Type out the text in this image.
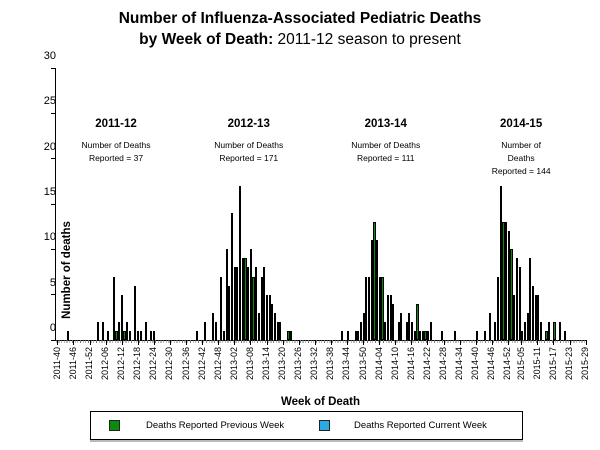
Number of Influenza-Associated Pediatric Deaths
by Week of Death: 2011-12 season to present
Number of deaths
0
5
10
15
20
25
30
2011-12
Number of Deaths
Reported = 37
2012-13
Number of Deaths
Reported = 171
2013-14
Number of Deaths
Reported = 111
2014-15
Number of Deaths
Reported = 144
2011-40 2011-46 2011-52 2012-06 2012-12 2012-18 2012-24 2012-30 2012-36 2012-42 2012-48 2013-02 2013-08 2013-14 2013-20 2013-26 2013-32 2013-38 2013-44 2013-50 2014-04 2014-10 2014-16 2014-22 2014-28 2014-34 2014-40 2014-46 2014-52 2015-05 2015-11 2015-17 2015-23 2015-29
Week of Death
Deaths Reported Previous Week	Deaths Reported Current Week
